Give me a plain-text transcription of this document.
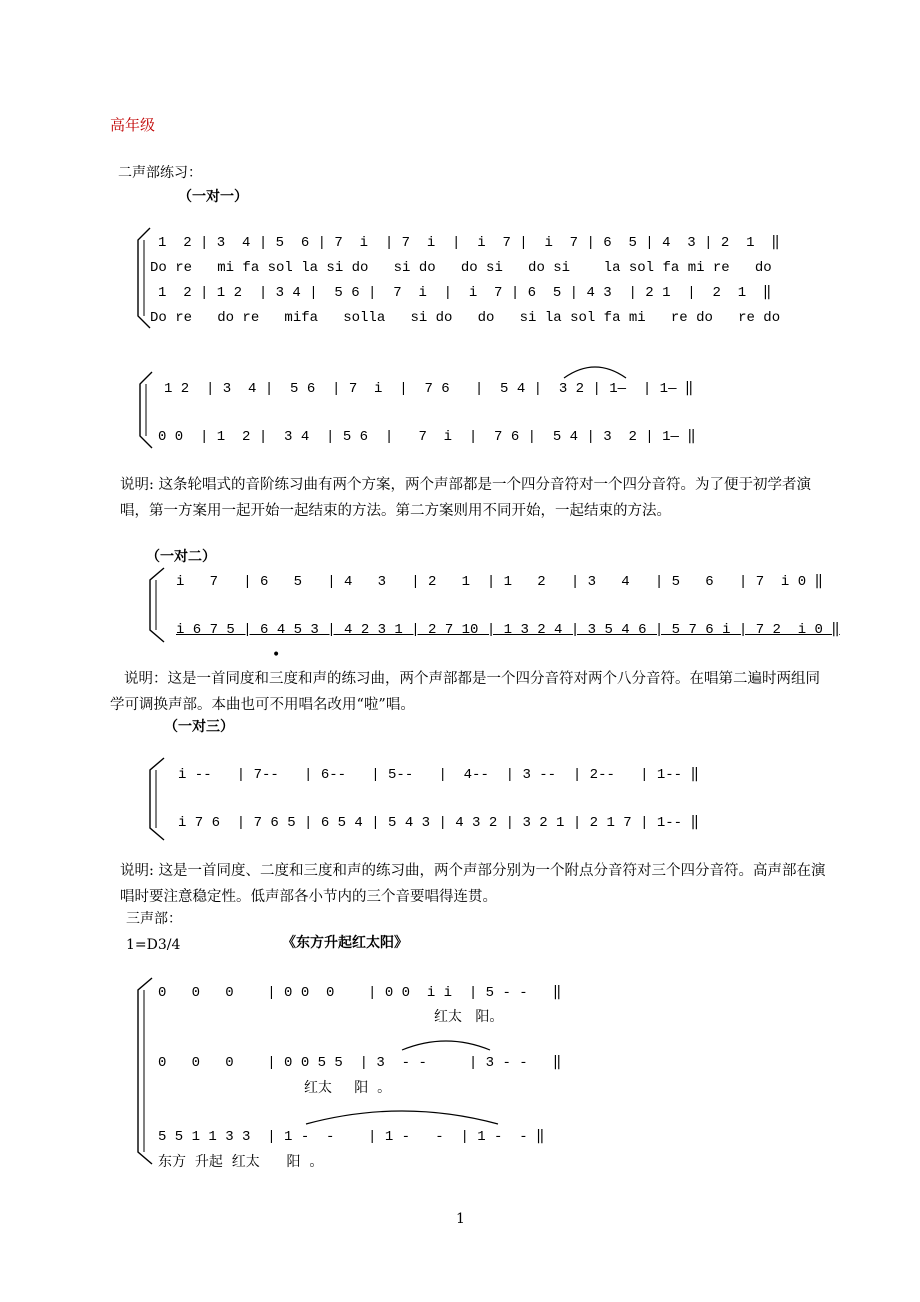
高年级
二声部练习：
（一对一）
1  2 | 3  4 | 5  6 | 7  i  | 7  i  |  i  7 |  i  7 | 6  5 | 4  3 | 2  1  ‖
Do re   mi fa sol la si do   si do   do si   do si    la sol fa mi re   do
1  2 | 1 2  | 3 4 |  5 6 |  7  i  |  i  7 | 6  5 | 4 3  | 2 1  |  2  1  ‖
Do re   do re   mifa   solla   si do   do   si la sol fa mi   re do   re do
1 2  | 3  4 |  5 6  | 7  i  |  7 6   |  5 4 |  3 2 | 1—  | 1— ‖
0 0  | 1  2 |  3 4  | 5 6  |   7  i  |  7 6 |  5 4 | 3  2 | 1— ‖
说明: 这条轮唱式的音阶练习曲有两个方案，两个声部都是一个四分音符对一个四分音符。为了便于初学者演唱，第一方案用一起开始一起结束的方法。第二方案则用不同开始，一起结束的方法。
（一对二）
i   7   | 6   5   | 4   3   | 2   1  | 1   2   | 3   4   | 5   6   | 7  i 0 ‖
i 6 7 5 | 6 4 5 3 | 4 2 3 1 | 2 7 10 | 1 3 2 4 | 3 5 4 6 | 5 7 6 i | 7 2  i 0 ‖
•
说明：这是一首同度和三度和声的练习曲，两个声部都是一个四分音符对两个八分音符。在唱第二遍时两组同学可调换声部。本曲也可不用唱名改用“啦”唱。
（一对三）
i --   | 7--   | 6--   | 5--   |  4--  | 3 --  | 2--   | 1-- ‖
i 7 6  | 7 6 5 | 6 5 4 | 5 4 3 | 4 3 2 | 3 2 1 | 2 1 7 | 1-- ‖
说明: 这是一首同度、二度和三度和声的练习曲，两个声部分别为一个附点分音符对三个四分音符。高声部在演唱时要注意稳定性。低声部各小节内的三个音要唱得连贯。
三声部：
1=D3/4	《东方升起红太阳》
0   0   0    | 0 0  0    | 0 0  i i  | 5 - -   ‖
红太   阳。
0   0   0    | 0 0 5 5  | 3  - -     | 3 - -   ‖
红太     阳  。
5 5 1 1 3 3  | 1 -  -    | 1 -   -  | 1 -  - ‖
东方  升起  红太      阳  。
1
